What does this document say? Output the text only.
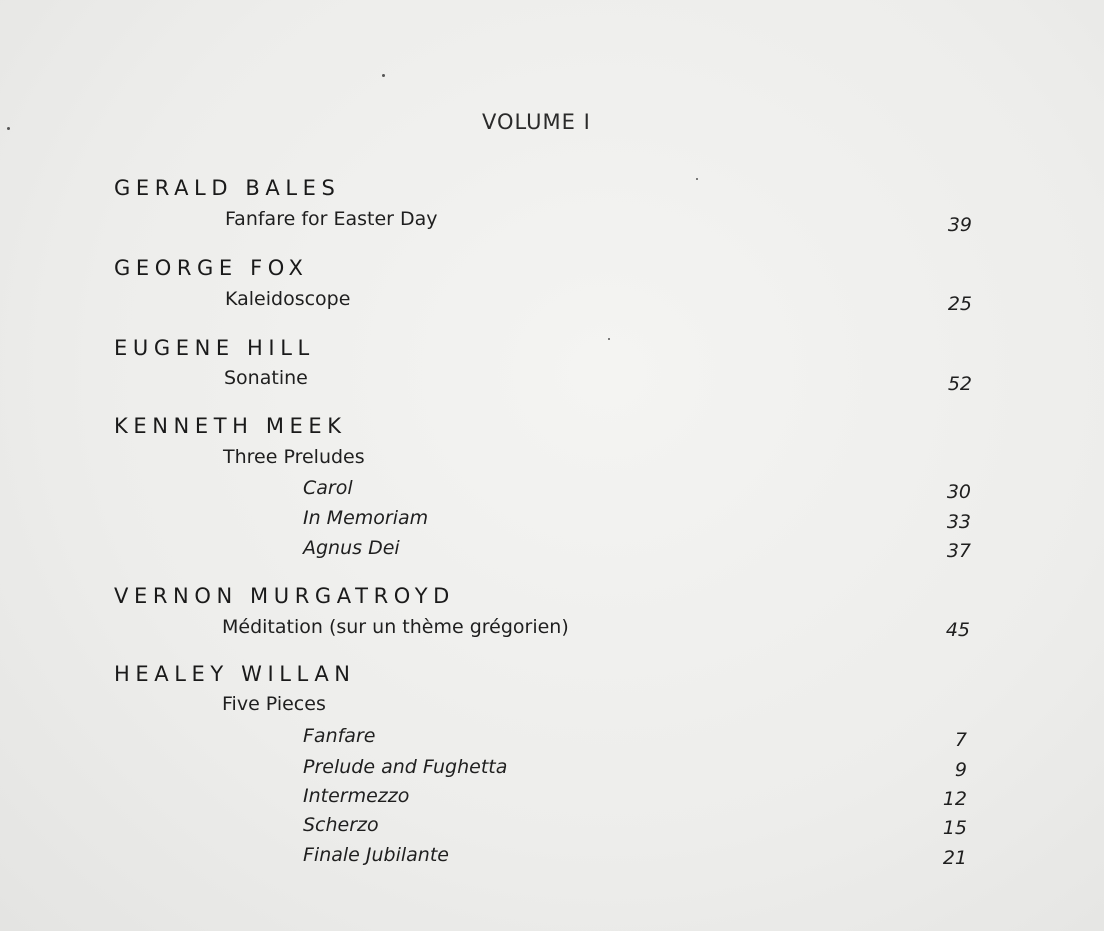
VOLUME I
GERALD BALES
Fanfare for Easter Day	39
GEORGE FOX
Kaleidoscope	25
EUGENE HILL
Sonatine	52
KENNETH MEEK
Three Preludes
Carol	30
In Memoriam	33
Agnus Dei	37
VERNON MURGATROYD
Méditation (sur un thème grégorien)	45
HEALEY WILLAN
Five Pieces
Fanfare	7
Prelude and Fughetta	9
Intermezzo	12
Scherzo	15
Finale Jubilante	21
